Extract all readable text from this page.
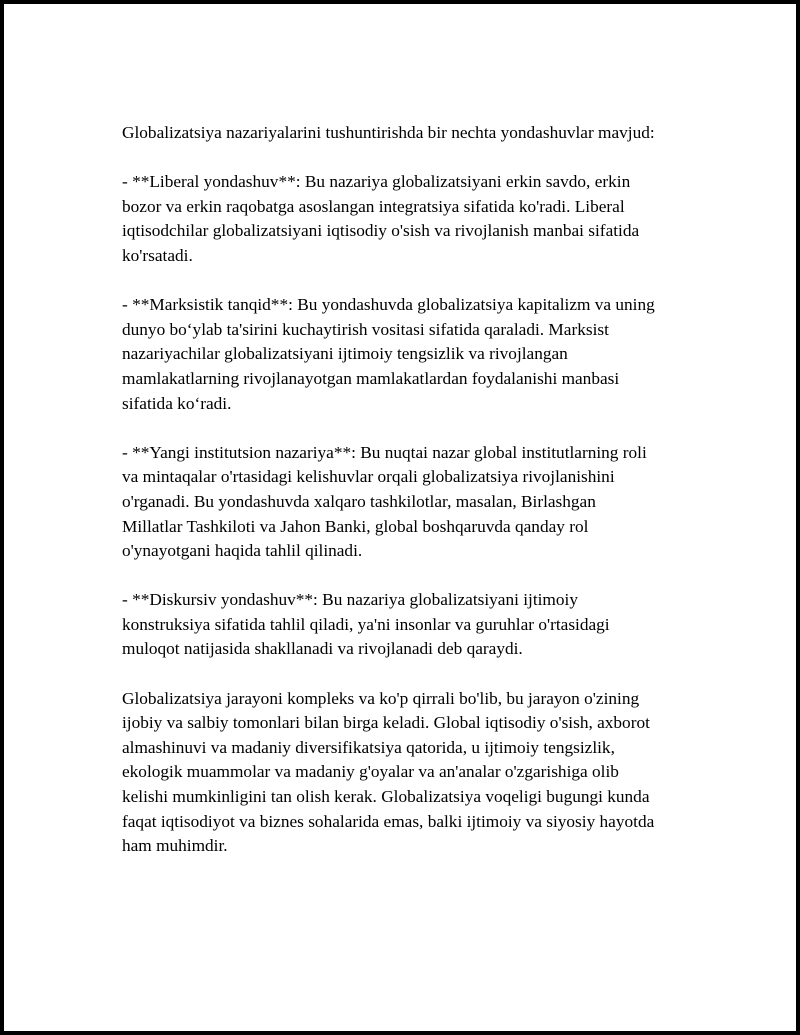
Globalizatsiya nazariyalarini tushuntirishda bir nechta yondashuvlar mavjud:

- **Liberal yondashuv**: Bu nazariya globalizatsiyani erkin savdo, erkin
bozor va erkin raqobatga asoslangan integratsiya sifatida ko'radi. Liberal
iqtisodchilar globalizatsiyani iqtisodiy o'sish va rivojlanish manbai sifatida
ko'rsatadi.

- **Marksistik tanqid**: Bu yondashuvda globalizatsiya kapitalizm va uning
dunyo bo‘ylab ta'sirini kuchaytirish vositasi sifatida qaraladi. Marksist
nazariyachilar globalizatsiyani ijtimoiy tengsizlik va rivojlangan
mamlakatlarning rivojlanayotgan mamlakatlardan foydalanishi manbasi
sifatida ko‘radi.

- **Yangi institutsion nazariya**: Bu nuqtai nazar global institutlarning roli
va mintaqalar o'rtasidagi kelishuvlar orqali globalizatsiya rivojlanishini
o'rganadi. Bu yondashuvda xalqaro tashkilotlar, masalan, Birlashgan
Millatlar Tashkiloti va Jahon Banki, global boshqaruvda qanday rol
o'ynayotgani haqida tahlil qilinadi.

- **Diskursiv yondashuv**: Bu nazariya globalizatsiyani ijtimoiy
konstruksiya sifatida tahlil qiladi, ya'ni insonlar va guruhlar o'rtasidagi
muloqot natijasida shakllanadi va rivojlanadi deb qaraydi.

Globalizatsiya jarayoni kompleks va ko'p qirrali bo'lib, bu jarayon o'zining
ijobiy va salbiy tomonlari bilan birga keladi. Global iqtisodiy o'sish, axborot
almashinuvi va madaniy diversifikatsiya qatorida, u ijtimoiy tengsizlik,
ekologik muammolar va madaniy g'oyalar va an'analar o'zgarishiga olib
kelishi mumkinligini tan olish kerak. Globalizatsiya voqeligi bugungi kunda
faqat iqtisodiyot va biznes sohalarida emas, balki ijtimoiy va siyosiy hayotda
ham muhimdir.
